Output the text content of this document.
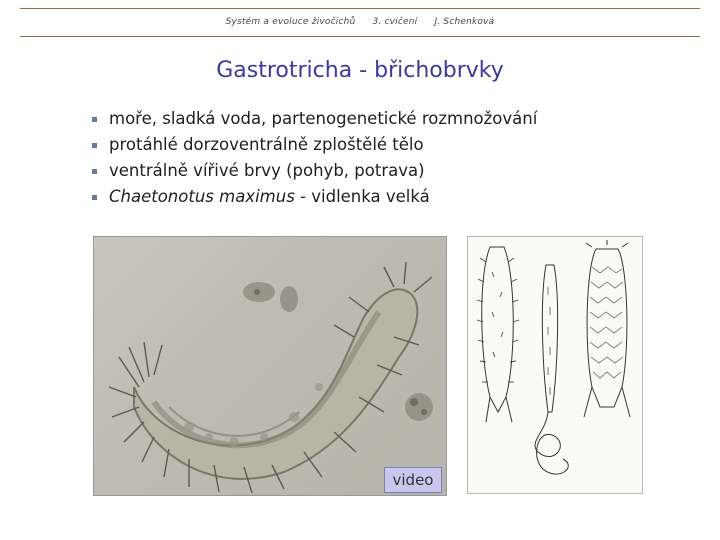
Systém a evoluce živočichů 3. cvičení J. Schenková
Gastrotricha - břichobrvky
moře, sladká voda, partenogenetické rozmnožování
protáhlé dorzoventrálně zploštělé tělo
ventrálně vířivé brvy (pohyb, potrava)
Chaetonotus maximus - vidlenka velká
video
